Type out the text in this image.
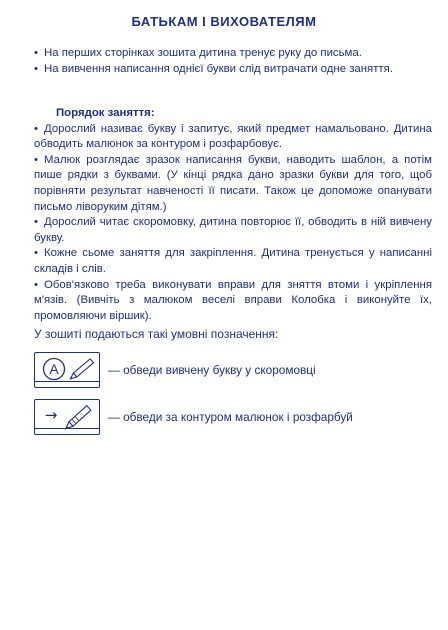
БАТЬКАМ І ВИХОВАТЕЛЯМ
• На перших сторінках зошита дитина тренує руку до письма.
• На вивчення написання однієї букви слід витрачати одне заняття.
Порядок заняття:
• Дорослий називає букву і запитує, який предмет намальовано. Дитина обводить малюнок за контуром і розфарбовує.
• Малюк розглядає зразок написання букви, наводить шаблон, а потім пише рядки з буквами. (У кінці рядка дано зразки букви для того, щоб порівняти результат навченості її писати. Також це допоможе опанувати письмо ліворуким дітям.)
• Дорослий читає скоромовку, дитина повторює її, обводить в ній вивчену букву.
• Кожне сьоме заняття для закріплення. Дитина тренується у написанні складів і слів.
• Обов'язково треба виконувати вправи для зняття втоми і укріплення м'язів. (Вивчіть з малюком веселі вправи Колобка і виконуйте їх, промовляючи віршик).
У зошиті подаються такі умовні позначення:
А	— обведи вивчену букву у скоромовці
→	— обведи за контуром малюнок і розфарбуй
